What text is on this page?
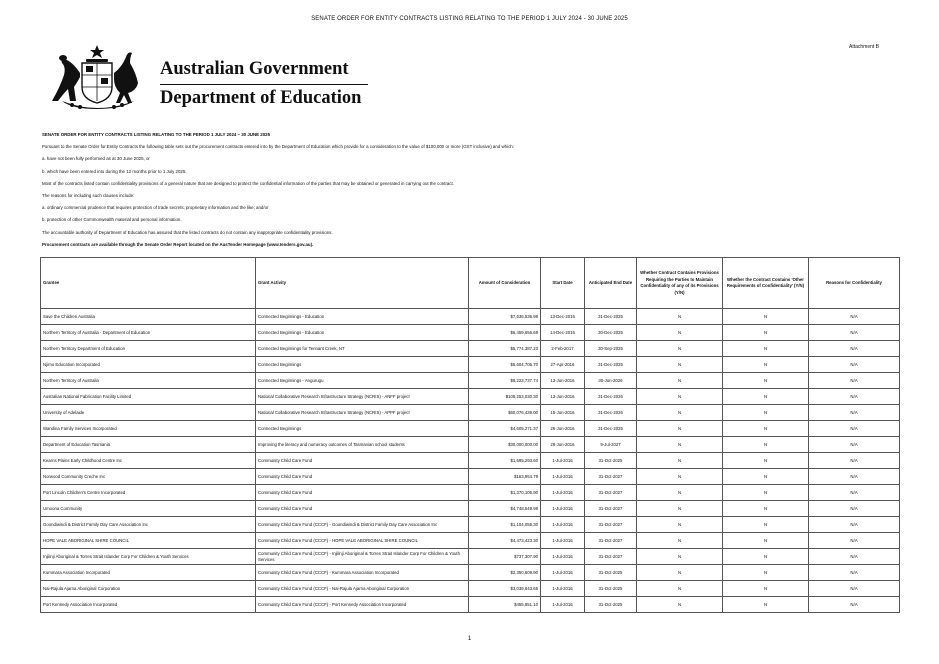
SENATE ORDER FOR ENTITY CONTRACTS LISTING RELATING TO THE PERIOD 1 JULY 2024 - 30 JUNE 2025
Attachment B
Australian Government
Department of Education

SENATE ORDER FOR ENTITY CONTRACTS LISTING RELATING TO THE PERIOD 1 JULY 2024 – 30 JUNE 2025

Pursuant to the Senate Order for Entity Contracts the following table sets out the procurement contracts entered into by the Department of Education which provide for a consideration to the value of $100,000 or more (GST inclusive) and which:

a. have not been fully performed as at 30 June 2025, or

b. which have been entered into during the 12 months prior to 1 July 2025.

Most of the contracts listed contain confidentiality provisions of a general nature that are designed to protect the confidential information of the parties that may be obtained or generated in carrying out the contract.

The reasons for including such clauses include:

a. ordinary commercial prudence that requires protection of trade secrets, proprietary information and the like; and/or

b. protection of other Commonwealth material and personal information.

The accountable authority of Department of Education has assured that the listed contracts do not contain any inappropriate confidentiality provisions.

Procurement contracts are available through the Senate Order Report located on the AusTender Homepage (www.tenders.gov.au).

Grantee	Grant Activity	Amount of Consideration	Start Date	Anticipated End Date	Whether Contract Contains Provisions Requiring the Parties to Maintain Confidentiality of any of its Provisions (Y/N)	Whether the Contract Contains 'Other Requirements of Confidentiality' (Y/N)	Reasons for Confidentiality
Save the Children Australia	Connected Beginnings - Education	$7,636,536.98	13-Dec-2016	31-Dec-2025	N	N	N/A
Northern Territory of Australia - Department of Education	Connected Beginnings - Education	$6,459,656.69	14-Dec-2016	30-Dec-2025	N	N	N/A
Northern Territory Department of Education	Connected Beginnings for Tennant Creek, NT	$5,774,387.23	2-Feb-2017	30-Sep-2025	N	N	N/A
Njirno Education Incorporated	Connected Beginnings	$5,604,706.70	27-Apr-2016	31-Dec-2025	N	N	N/A
Northern Territory of Australia	Connected Beginnings - Angurugu	$8,223,737.74	13-Jun-2016	30-Jun-2026	N	N	N/A
Australian National Fabrication Facility Limited	National Collaborative Research Infrastructure Strategy (NCRIS) - ANFF project	$105,253,030.30	13-Jun-2016	31-Dec-2026	N	N	N/A
University of Adelaide	National Collaborative Research Infrastructure Strategy (NCRIS) - APPF project	$60,076,439.00	15-Jun-2016	31-Dec-2026	N	N	N/A
Wandina Family Services Incorporated	Connected Beginnings	$4,605,271.37	26-Jun-2016	31-Dec-2025	N	N	N/A
Department of Education Tasmania	Improving the literacy and numeracy outcomes of Tasmanian school students	$30,000,000.00	29-Jun-2016	9-Jul-2027	N	N	N/A
Kearns Plains Early Childhood Centre Inc	Community Child Care Fund	$1,695,293.60	1-Jul-2016	31-Oct-2025	N	N	N/A
Norwood Community Creche Inc	Community Child Care Fund	$163,954.79	1-Jul-2016	31-Oct-2027	N	N	N/A
Port Lincoln Children's Centre Incorporated	Community Child Care Fund	$1,370,105.90	1-Jul-2016	31-Oct-2027	N	N	N/A
Umoona Community	Community Child Care Fund	$4,748,549.98	1-Jul-2016	31-Oct-2027	N	N	N/A
Goondiwindi & District Family Day Care Association Inc	Community Child Care Fund (CCCF) - Goondiwindi & District Family Day Care Association Inc	$1,104,055.30	1-Jul-2016	31-Oct-2027	N	N	N/A
HOPE VALE ABORIGINAL SHIRE COUNCIL	Community Child Care Fund (CCCF) - HOPE VALE ABORIGINAL SHIRE COUNCIL	$4,473,423.30	1-Jul-2016	31-Oct-2027	N	N	N/A
Injilinji Aboriginal & Torres Strait Islander Corp For Children & Youth Services	Community Child Care Fund (CCCF) - Injilinji Aboriginal & Torres Strait Islander Corp For Children & Youth Services	$737,307.90	1-Jul-2016	31-Oct-2027	N	N	N/A
Kummara Association Incorporated	Community Child Care Fund (CCCF) - Kummara Association Incorporated	$2,350,609.90	1-Jul-2016	31-Oct-2025	N	N	N/A
Nai-Rajula Ajarna Aboriginal Corporation	Community Child Care Fund (CCCF) - Nai-Rajula Ajarna Aboriginal Corporation	$3,039,643.65	1-Jul-2016	31-Oct-2025	N	N	N/A
Port Kennedy Association Incorporated	Community Child Care Fund (CCCF) - Port Kennedy Association Incorporated	$455,851.10	1-Jul-2016	31-Oct-2025	N	N	N/A
1
